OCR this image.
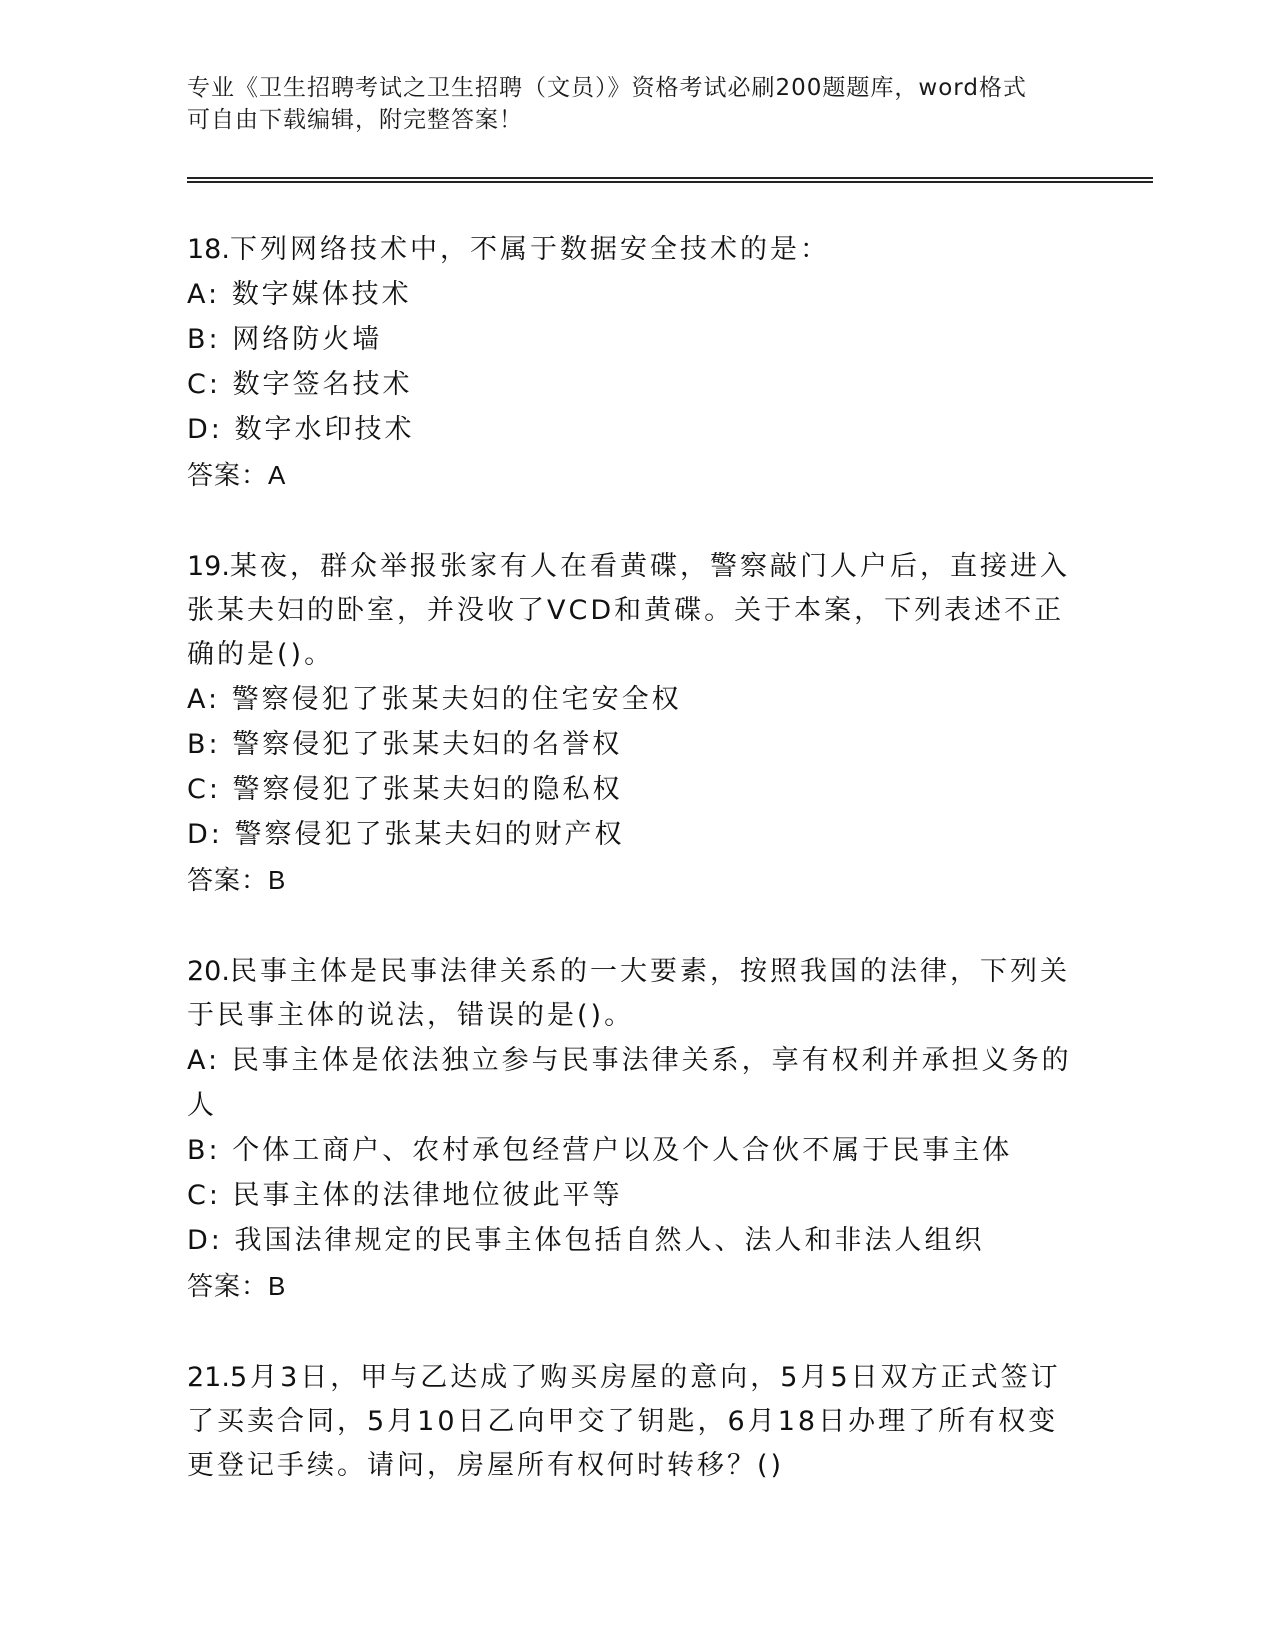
专业《卫生招聘考试之卫生招聘（文员）》资格考试必刷200题题库，word格式
可自由下载编辑，附完整答案！
18.下列网络技术中，不属于数据安全技术的是：
A: 数字媒体技术
B: 网络防火墙
C: 数字签名技术
D: 数字水印技术
答案：A
19.某夜，群众举报张家有人在看黄碟，警察敲门人户后，直接进入张某夫妇的卧室，并没收了VCD和黄碟。关于本案，下列表述不正确的是()。
A: 警察侵犯了张某夫妇的住宅安全权
B: 警察侵犯了张某夫妇的名誉权
C: 警察侵犯了张某夫妇的隐私权
D: 警察侵犯了张某夫妇的财产权
答案：B
20.民事主体是民事法律关系的一大要素，按照我国的法律，下列关于民事主体的说法，错误的是()。
A: 民事主体是依法独立参与民事法律关系，享有权利并承担义务的人
B: 个体工商户、农村承包经营户以及个人合伙不属于民事主体
C: 民事主体的法律地位彼此平等
D: 我国法律规定的民事主体包括自然人、法人和非法人组织
答案：B
21.5月3日，甲与乙达成了购买房屋的意向，5月5日双方正式签订了买卖合同，5月10日乙向甲交了钥匙，6月18日办理了所有权变更登记手续。请问，房屋所有权何时转移？()
